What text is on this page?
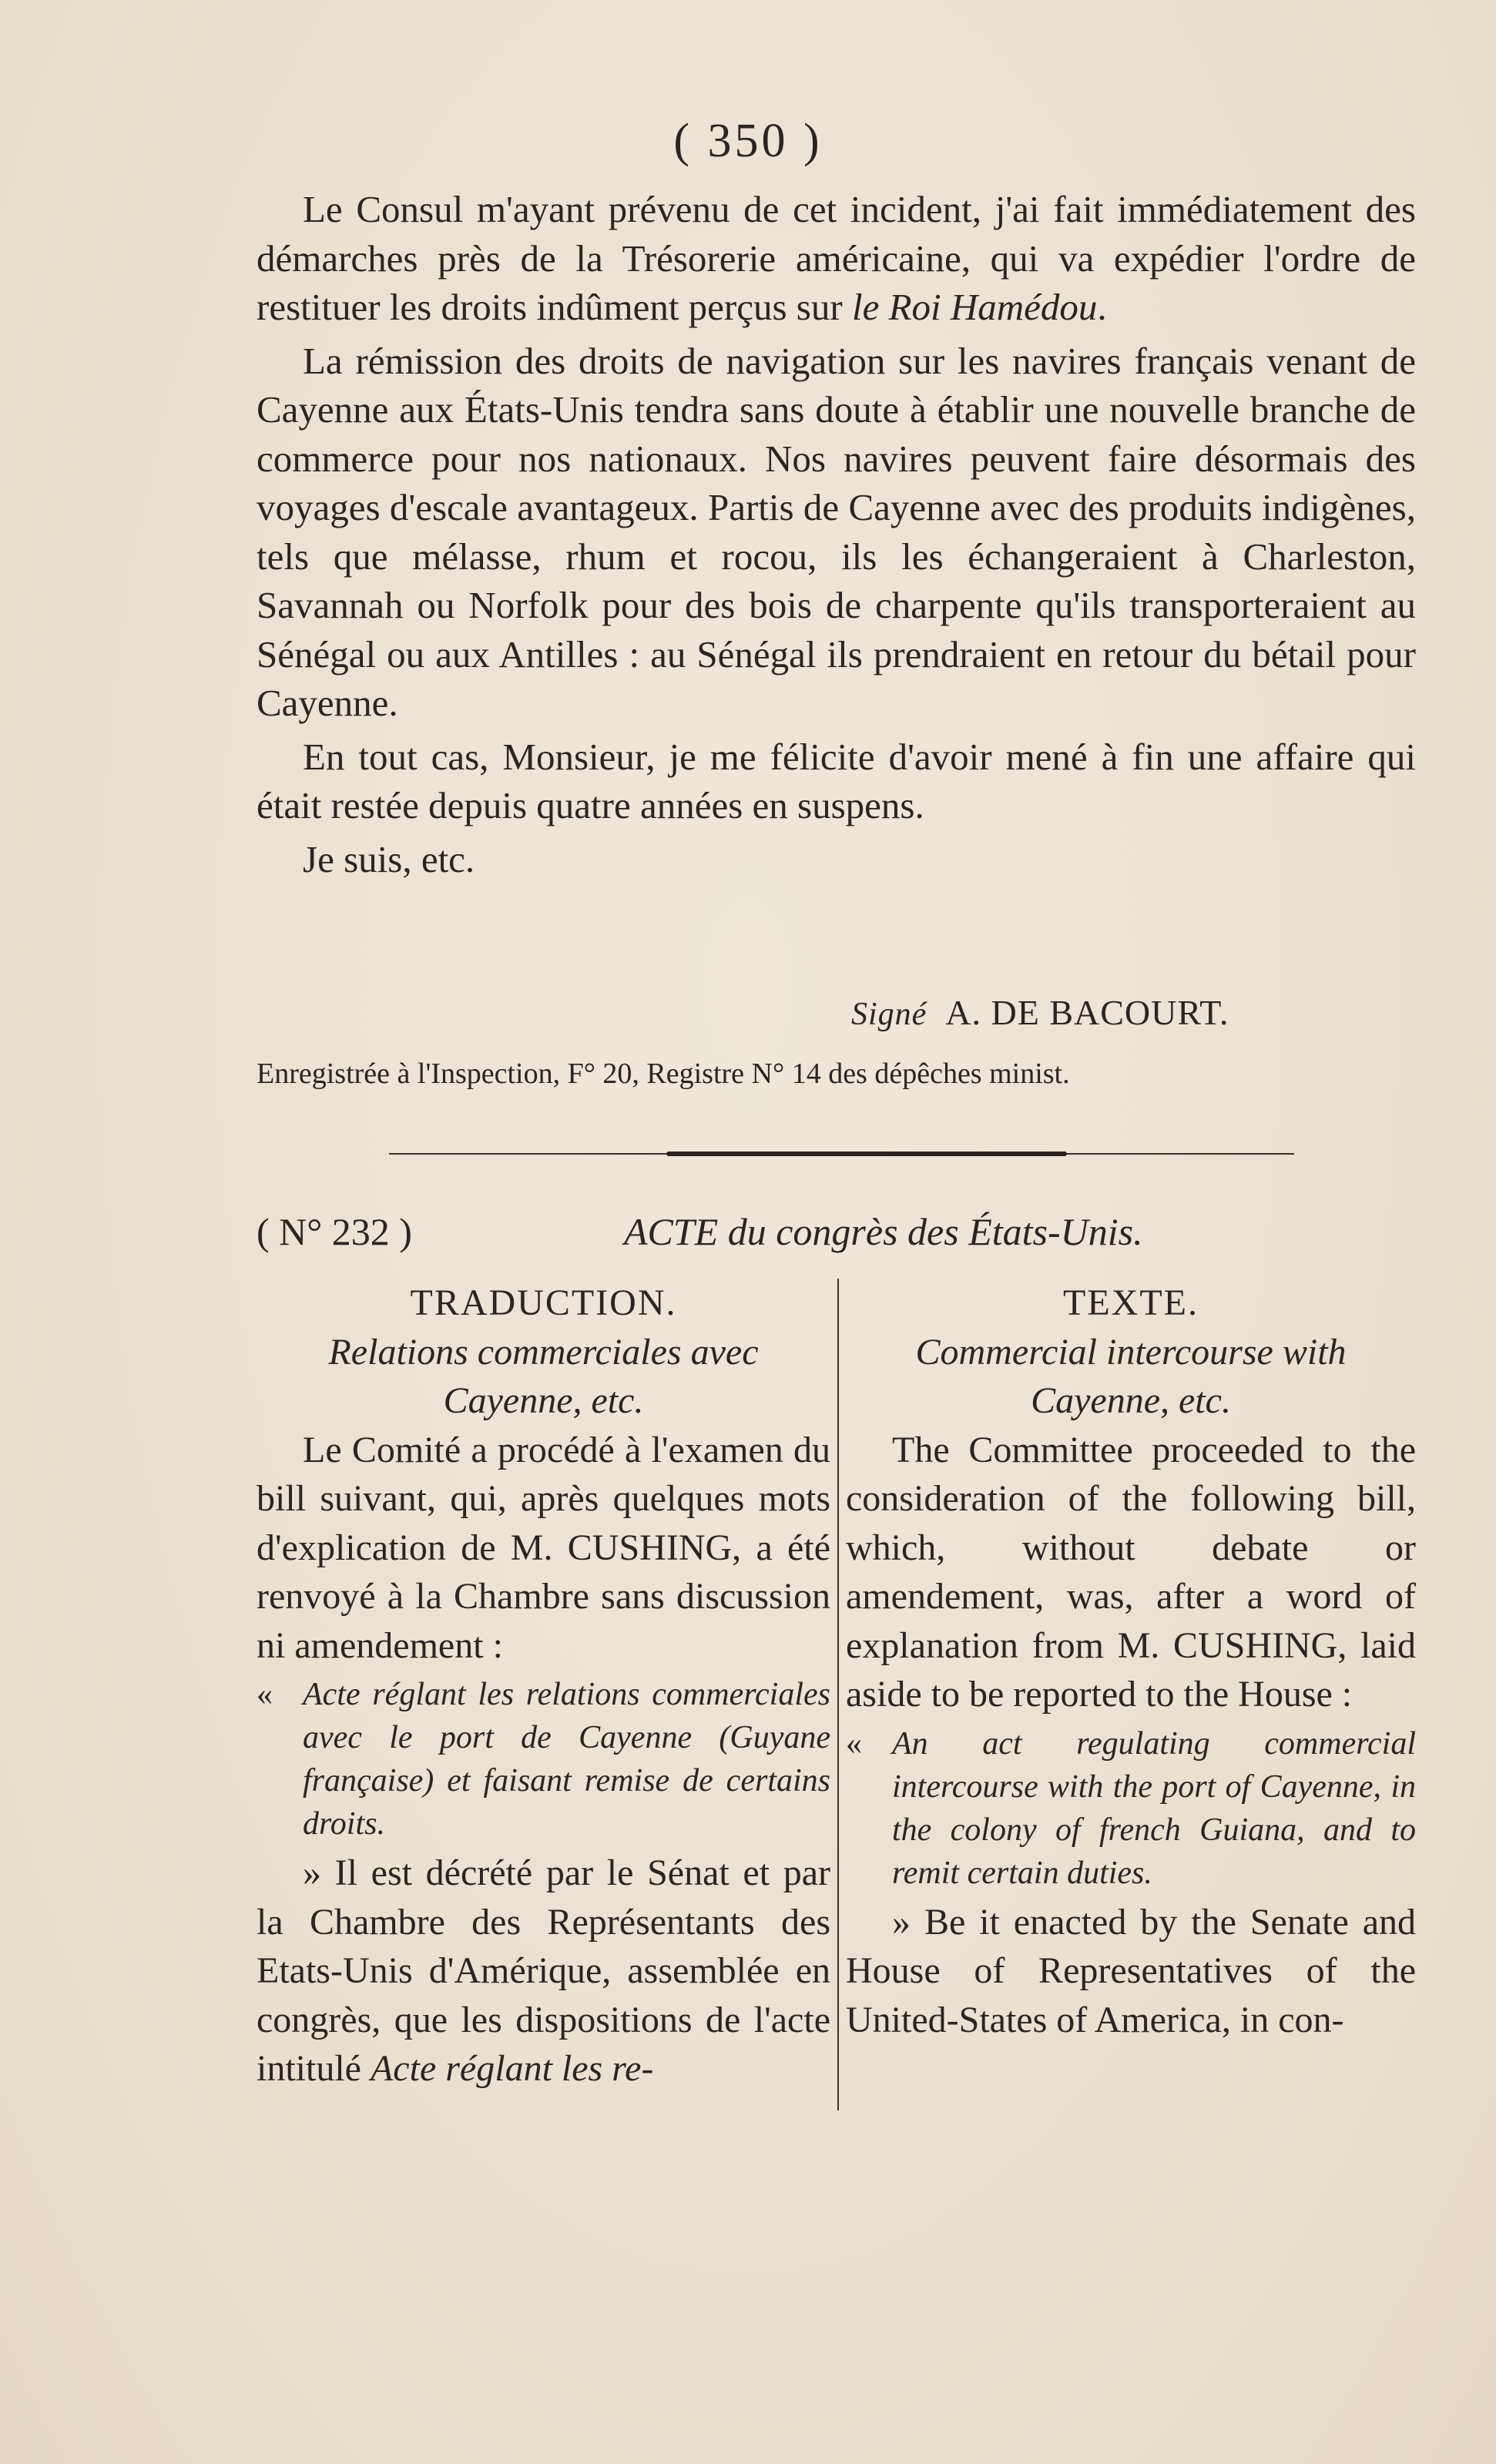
( 350 )

Le Consul m'ayant prévenu de cet incident, j'ai fait immédiatement des démarches près de la Trésorerie américaine, qui va expédier l'ordre de restituer les droits indûment perçus sur le Roi Hamédou.

La rémission des droits de navigation sur les navires français venant de Cayenne aux États-Unis tendra sans doute à établir une nouvelle branche de commerce pour nos nationaux. Nos navires peuvent faire désormais des voyages d'escale avantageux. Partis de Cayenne avec des produits indigènes, tels que mélasse, rhum et rocou, ils les échangeraient à Charleston, Savannah ou Norfolk pour des bois de charpente qu'ils transporteraient au Sénégal ou aux Antilles : au Sénégal ils prendraient en retour du bétail pour Cayenne.

En tout cas, Monsieur, je me félicite d'avoir mené à fin une affaire qui était restée depuis quatre années en suspens.

Je suis, etc.

Signé A. DE BACOURT.
Enregistrée à l'Inspection, F° 20, Registre N° 14 des dépêches minist.
( N° 232 )	ACTE du congrès des États-Unis.

TRADUCTION.

Relations commerciales avec Cayenne, etc.

Le Comité a procédé à l'examen du bill suivant, qui, après quelques mots d'explication de M. CUSHING, a été renvoyé à la Chambre sans discussion ni amendement :

« Acte réglant les relations commerciales avec le port de Cayenne (Guyane française) et faisant remise de certains droits.

» Il est décrété par le Sénat et par la Chambre des Représentants des Etats-Unis d'Amérique, assemblée en congrès, que les dispositions de l'acte intitulé Acte réglant les re-

TEXTE.

Commercial intercourse with Cayenne, etc.

The Committee proceeded to the consideration of the following bill, which, without debate or amendement, was, after a word of explanation from M. CUSHING, laid aside to be reported to the House :

« An act regulating commercial intercourse with the port of Cayenne, in the colony of french Guiana, and to remit certain duties.

» Be it enacted by the Senate and House of Representatives of the United-States of America, in con-
